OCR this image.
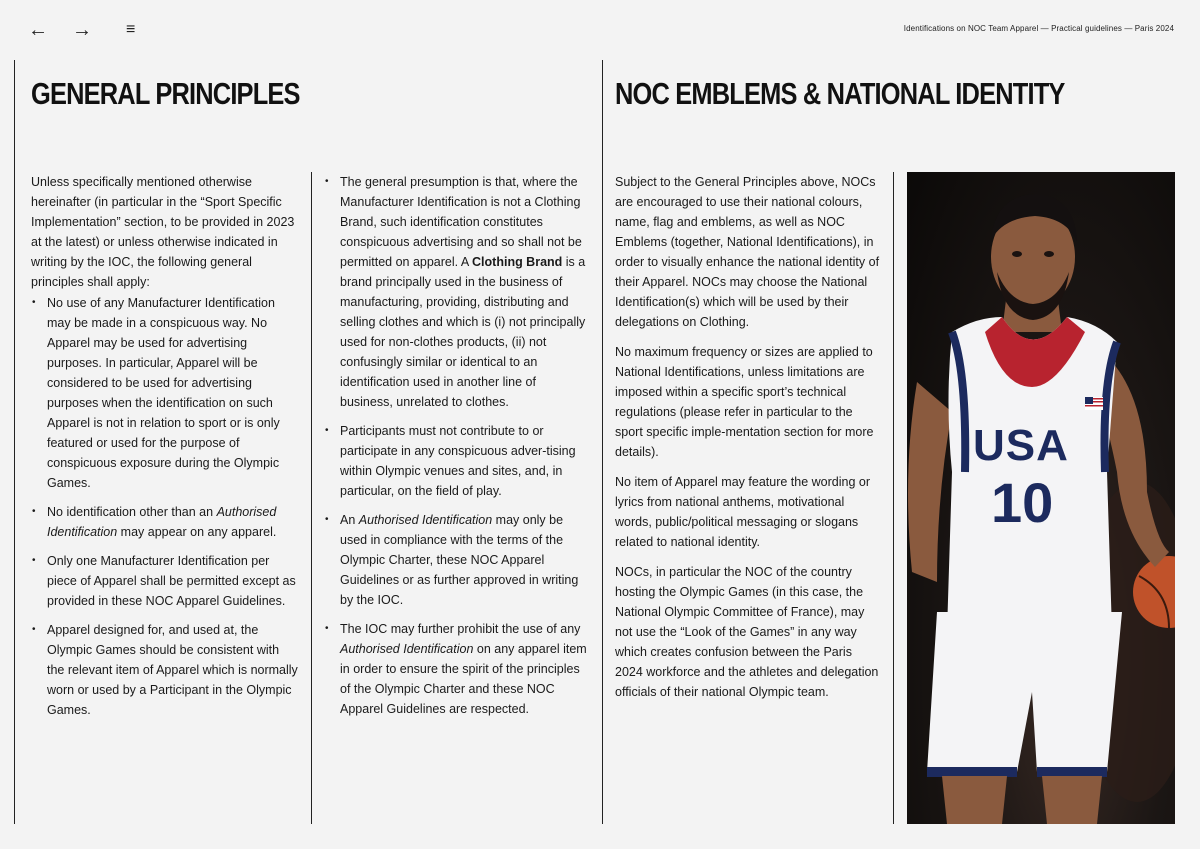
← → ≡	Identifications on NOC Team Apparel — Practical guidelines — Paris 2024
GENERAL PRINCIPLES	NOC EMBLEMS & NATIONAL IDENTITY

Unless specifically mentioned otherwise hereinafter (in particular in the “Sport Specific Implementation” section, to be provided in 2023 at the latest) or unless otherwise indicated in writing by the IOC, the following general principles shall apply:

• No use of any Manufacturer Identification may be made in a conspicuous way. No Apparel may be used for advertising purposes. In particular, Apparel will be considered to be used for advertising purposes when the identification on such Apparel is not in relation to sport or is only featured or used for the purpose of conspicuous exposure during the Olympic Games.
• No identification other than an Authorised Identification may appear on any apparel.
• Only one Manufacturer Identification per piece of Apparel shall be permitted except as provided in these NOC Apparel Guidelines.
• Apparel designed for, and used at, the Olympic Games should be consistent with the relevant item of Apparel which is normally worn or used by a Participant in the Olympic Games.
• The general presumption is that, where the Manufacturer Identification is not a Clothing Brand, such identification constitutes conspicuous advertising and so shall not be permitted on apparel. A Clothing Brand is a brand principally used in the business of manufacturing, providing, distributing and selling clothes and which is (i) not principally used for non-clothes products, (ii) not confusingly similar or identical to an identification used in another line of business, unrelated to clothes.
• Participants must not contribute to or participate in any conspicuous adver-tising within Olympic venues and sites, and, in particular, on the field of play.
• An Authorised Identification may only be used in compliance with the terms of the Olympic Charter, these NOC Apparel Guidelines or as further approved in writing by the IOC.
• The IOC may further prohibit the use of any Authorised Identification on any apparel item in order to ensure the spirit of the principles of the Olympic Charter and these NOC Apparel Guidelines are respected.

Subject to the General Principles above, NOCs are encouraged to use their national colours, name, flag and emblems, as well as NOC Emblems (together, National Identifications), in order to visually enhance the national identity of their Apparel. NOCs may choose the National Identification(s) which will be used by their delegations on Clothing.

No maximum frequency or sizes are applied to National Identifications, unless limitations are imposed within a specific sport’s technical regulations (please refer in particular to the sport specific imple-mentation section for more details).

No item of Apparel may feature the wording or lyrics from national anthems, motivational words, public/political messaging or slogans related to national identity.

NOCs, in particular the NOC of the country hosting the Olympic Games (in this case, the National Olympic Committee of France), may not use the “Look of the Games” in any way which creates confusion between the Paris 2024 workforce and the athletes and delegation officials of their national Olympic team.

USA
10
